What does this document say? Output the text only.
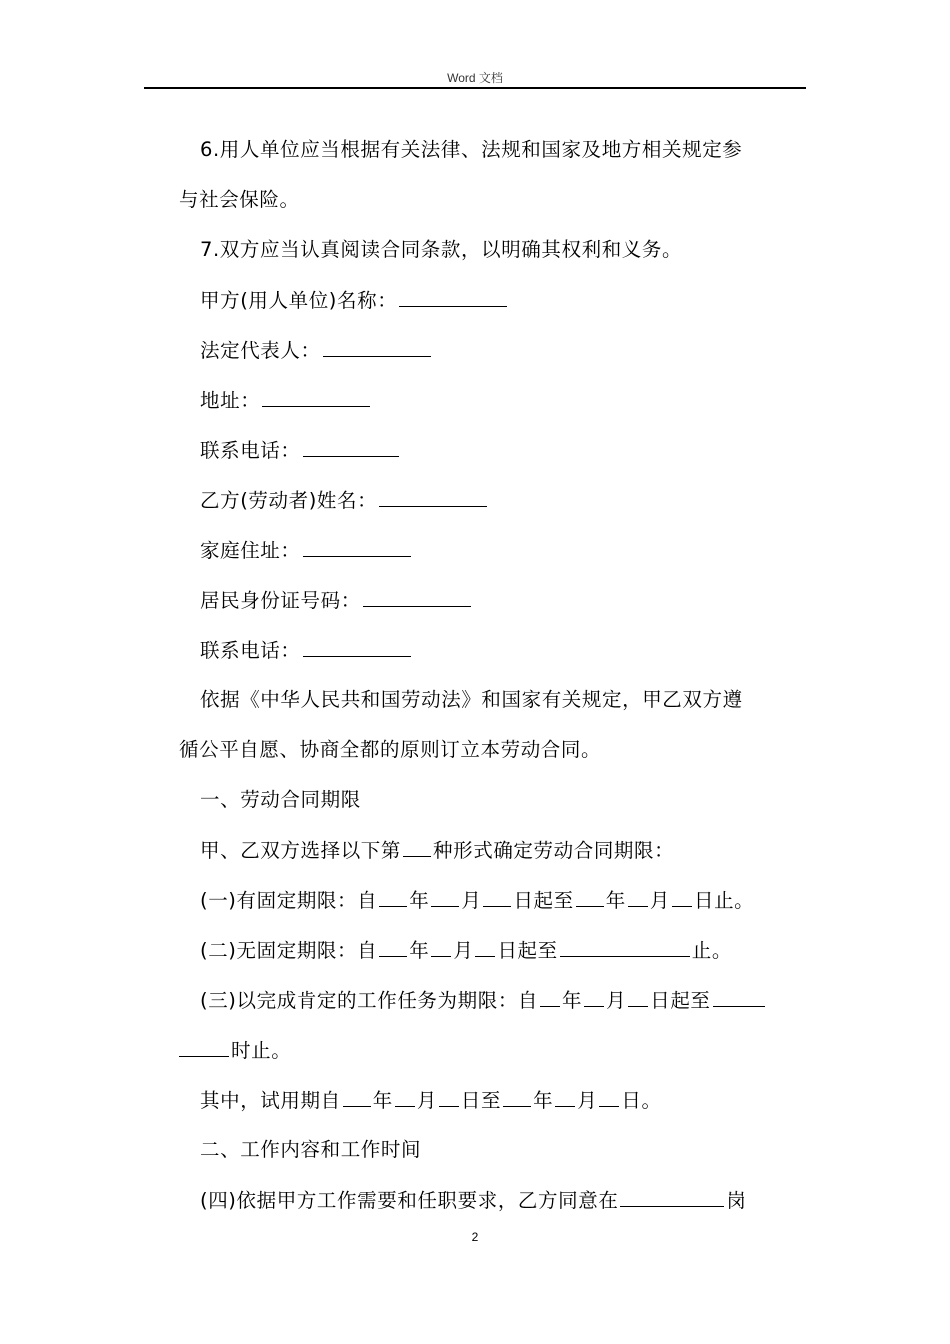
Word 文档
6.用人单位应当根据有关法律、法规和国家及地方相关规定参
与社会保险。
7.双方应当认真阅读合同条款，以明确其权利和义务。
甲方(用人单位)名称：
法定代表人：
地址：
联系电话：
乙方(劳动者)姓名：
家庭住址：
居民身份证号码：
联系电话：
依据《中华人民共和国劳动法》和国家有关规定，甲乙双方遵
循公平自愿、协商全都的原则订立本劳动合同。
一、劳动合同期限
甲、乙双方选择以下第 种形式确定劳动合同期限：
(一)有固定期限：自 年 月 日起至 年 月 日止。
(二)无固定期限：自 年 月 日起至	止。
(三)以完成肯定的工作任务为期限：自 年 月 日起至
时止。
其中，试用期自 年 月 日至 年 月 日。
二、工作内容和工作时间
(四)依据甲方工作需要和任职要求，乙方同意在	岗
2
